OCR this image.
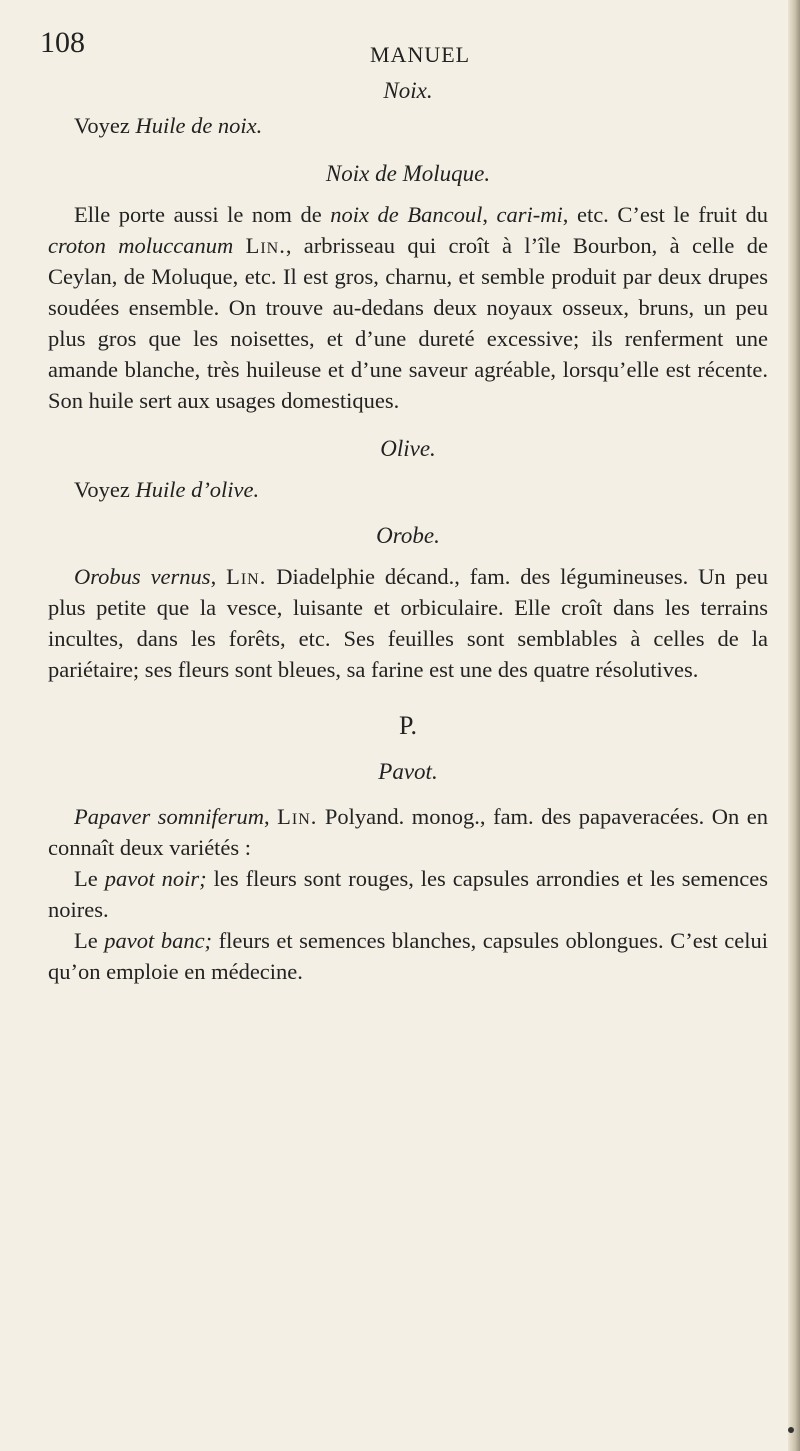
108	MANUEL

Noix.

Voyez Huile de noix.

Noix de Moluque.

Elle porte aussi le nom de noix de Bancoul, cari-mi, etc. C’est le fruit du croton moluccanum Lin., arbrisseau qui croît à l’île Bourbon, à celle de Ceylan, de Moluque, etc. Il est gros, charnu, et semble produit par deux drupes soudées ensemble. On trouve au-dedans deux noyaux osseux, bruns, un peu plus gros que les noisettes, et d’une dureté excessive; ils renferment une amande blanche, très huileuse et d’une saveur agréable, lorsqu’elle est récente. Son huile sert aux usages domestiques.

Olive.

Voyez Huile d’olive.

Orobe.

Orobus vernus, Lin. Diadelphie décand., fam. des légumineuses. Un peu plus petite que la vesce, luisante et orbiculaire. Elle croît dans les terrains incultes, dans les forêts, etc. Ses feuilles sont semblables à celles de la pariétaire; ses fleurs sont bleues, sa farine est une des quatre résolutives.

P.

Pavot.

Papaver somniferum, Lin. Polyand. monog., fam. des papaveracées. On en connaît deux variétés :

Le pavot noir; les fleurs sont rouges, les capsules arrondies et les semences noires.

Le pavot banc; fleurs et semences blanches, capsules oblongues. C’est celui qu’on emploie en médecine.
